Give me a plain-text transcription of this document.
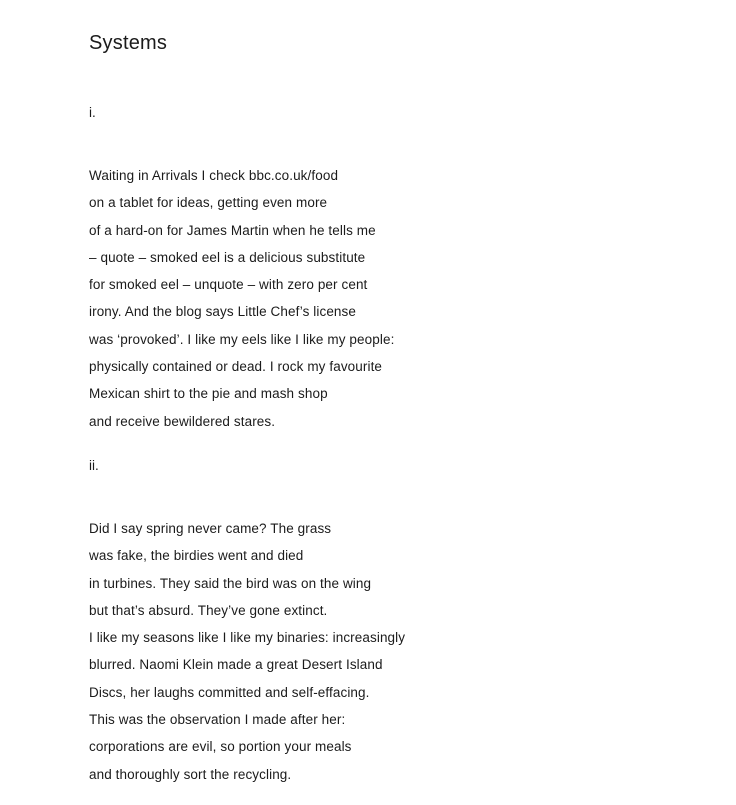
Systems
i.
Waiting in Arrivals I check bbc.co.uk/food
on a tablet for ideas, getting even more
of a hard-on for James Martin when he tells me
– quote – smoked eel is a delicious substitute
for smoked eel – unquote – with zero per cent
irony. And the blog says Little Chef’s license
was ‘provoked’. I like my eels like I like my people:
physically contained or dead. I rock my favourite
Mexican shirt to the pie and mash shop
and receive bewildered stares.
ii.
Did I say spring never came? The grass
was fake, the birdies went and died
in turbines. They said the bird was on the wing
but that’s absurd. They’ve gone extinct.
I like my seasons like I like my binaries: increasingly
blurred. Naomi Klein made a great Desert Island
Discs, her laughs committed and self-effacing.
This was the observation I made after her:
corporations are evil, so portion your meals
and thoroughly sort the recycling.
